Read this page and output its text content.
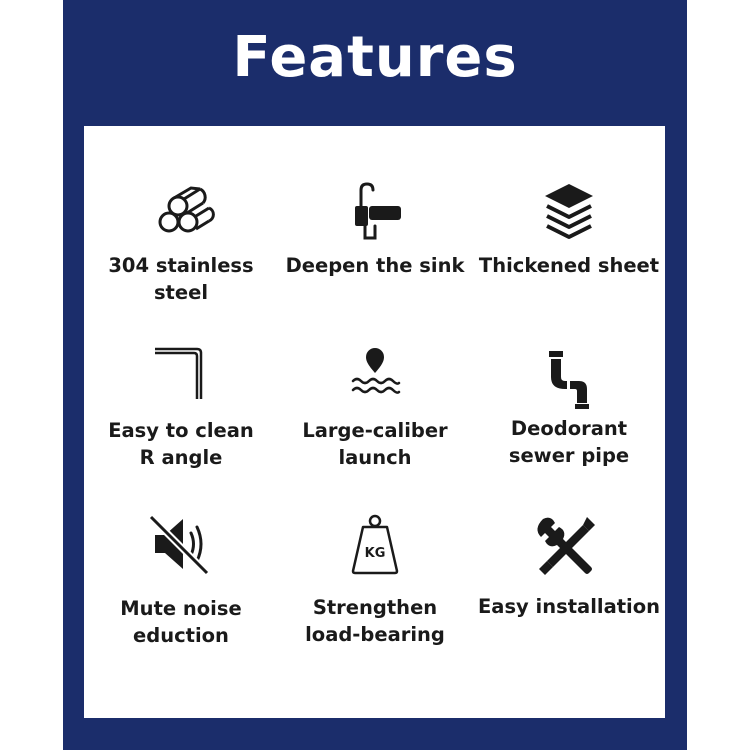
Features
304 stainless
steel
Deepen the sink Thickened sheet
Easy to clean
R angle
Large-caliber
launch
Deodorant
sewer pipe
Mute noise
eduction
KG
Strengthen
load-bearing
Easy installation
